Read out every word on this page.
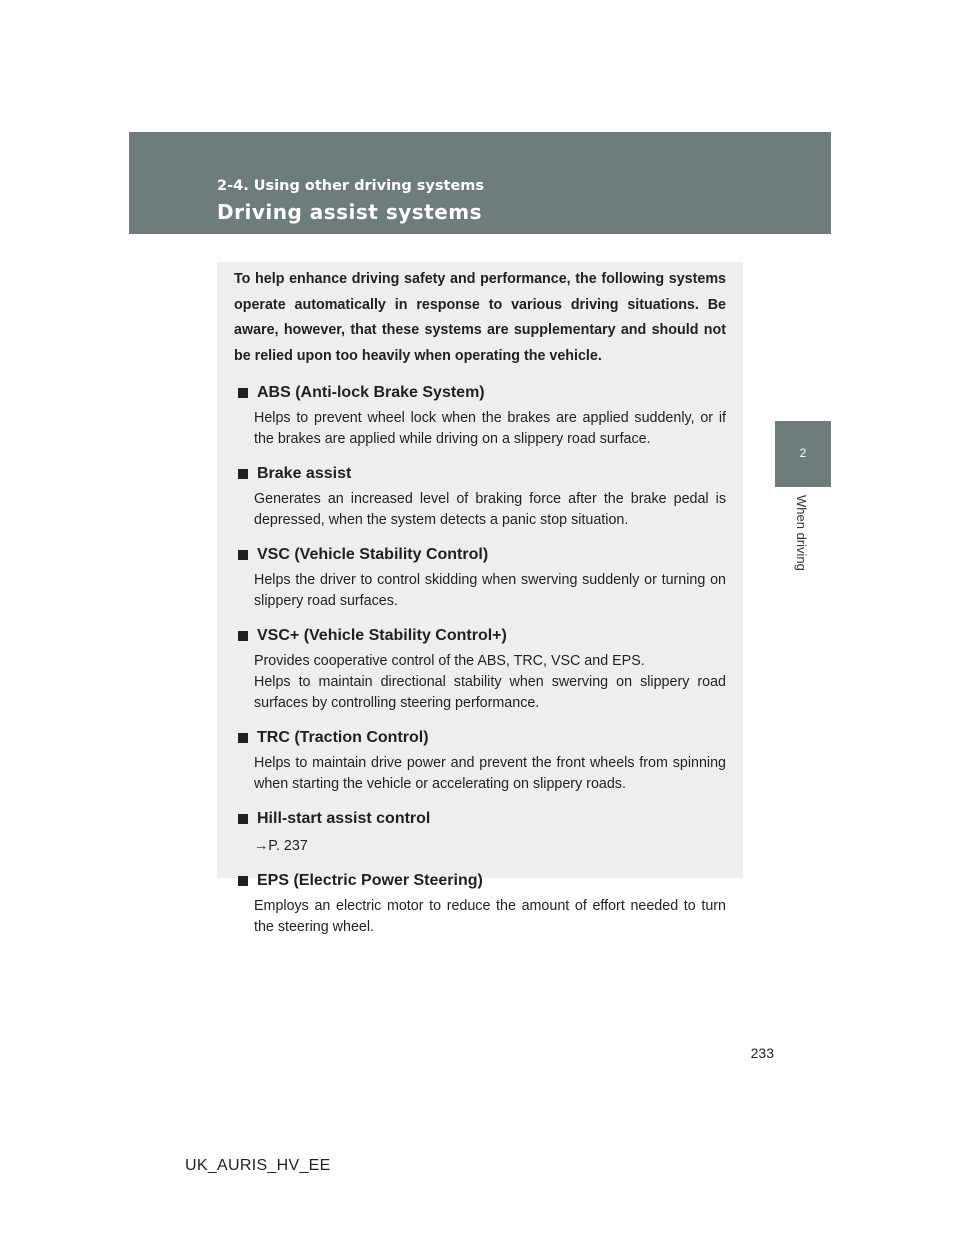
2-4. Using other driving systems
Driving assist systems
2
When driving

To help enhance driving safety and performance, the following systems operate automatically in response to various driving situations. Be aware, however, that these systems are supplementary and should not be relied upon too heavily when operating the vehicle.

ABS (Anti-lock Brake System)

Helps to prevent wheel lock when the brakes are applied suddenly, or if the brakes are applied while driving on a slippery road surface.

Brake assist

Generates an increased level of braking force after the brake pedal is depressed, when the system detects a panic stop situation.

VSC (Vehicle Stability Control)

Helps the driver to control skidding when swerving suddenly or turning on slippery road surfaces.

VSC+ (Vehicle Stability Control+)

Provides cooperative control of the ABS, TRC, VSC and EPS.
Helps to maintain directional stability when swerving on slippery road surfaces by controlling steering performance.

TRC (Traction Control)

Helps to maintain drive power and prevent the front wheels from spinning when starting the vehicle or accelerating on slippery roads.

Hill-start assist control

→P. 237

EPS (Electric Power Steering)

Employs an electric motor to reduce the amount of effort needed to turn the steering wheel.

233
UK_AURIS_HV_EE
